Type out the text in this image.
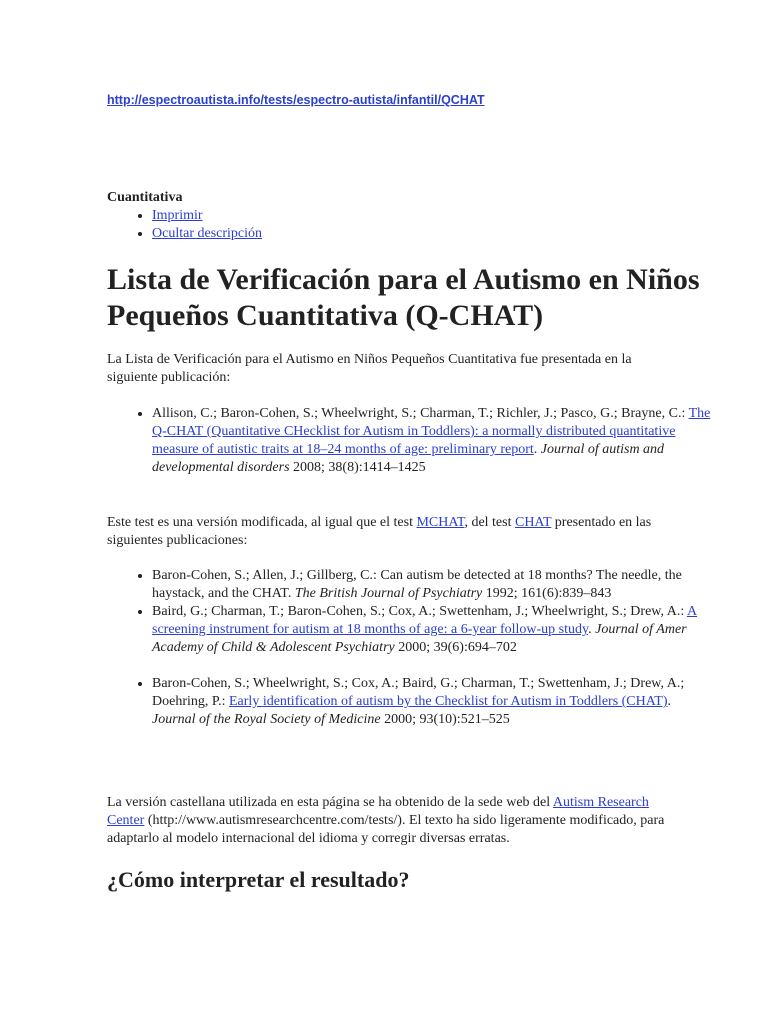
http://espectroautista.info/tests/espectro-autista/infantil/QCHAT
Cuantitativa
• Imprimir
• Ocultar descripción
Lista de Verificación para el Autismo en Niños Pequeños Cuantitativa (Q-CHAT)

La Lista de Verificación para el Autismo en Niños Pequeños Cuantitativa fue presentada en la siguiente publicación:

• Allison, C.; Baron-Cohen, S.; Wheelwright, S.; Charman, T.; Richler, J.; Pasco, G.; Brayne, C.: The Q-CHAT (Quantitative CHecklist for Autism in Toddlers): a normally distributed quantitative measure of autistic traits at 18–24 months of age: preliminary report. Journal of autism and developmental disorders 2008; 38(8):1414–1425

Este test es una versión modificada, al igual que el test MCHAT, del test CHAT presentado en las siguientes publicaciones:

• Baron-Cohen, S.; Allen, J.; Gillberg, C.: Can autism be detected at 18 months? The needle, the haystack, and the CHAT. The British Journal of Psychiatry 1992; 161(6):839–843
• Baird, G.; Charman, T.; Baron-Cohen, S.; Cox, A.; Swettenham, J.; Wheelwright, S.; Drew, A.: A screening instrument for autism at 18 months of age: a 6-year follow-up study. Journal of Amer Academy of Child & Adolescent Psychiatry 2000; 39(6):694–702
• Baron-Cohen, S.; Wheelwright, S.; Cox, A.; Baird, G.; Charman, T.; Swettenham, J.; Drew, A.; Doehring, P.: Early identification of autism by the Checklist for Autism in Toddlers (CHAT). Journal of the Royal Society of Medicine 2000; 93(10):521–525

La versión castellana utilizada en esta página se ha obtenido de la sede web del Autism Research Center (http://www.autismresearchcentre.com/tests/). El texto ha sido ligeramente modificado, para adaptarlo al modelo internacional del idioma y corregir diversas erratas.

¿Cómo interpretar el resultado?
